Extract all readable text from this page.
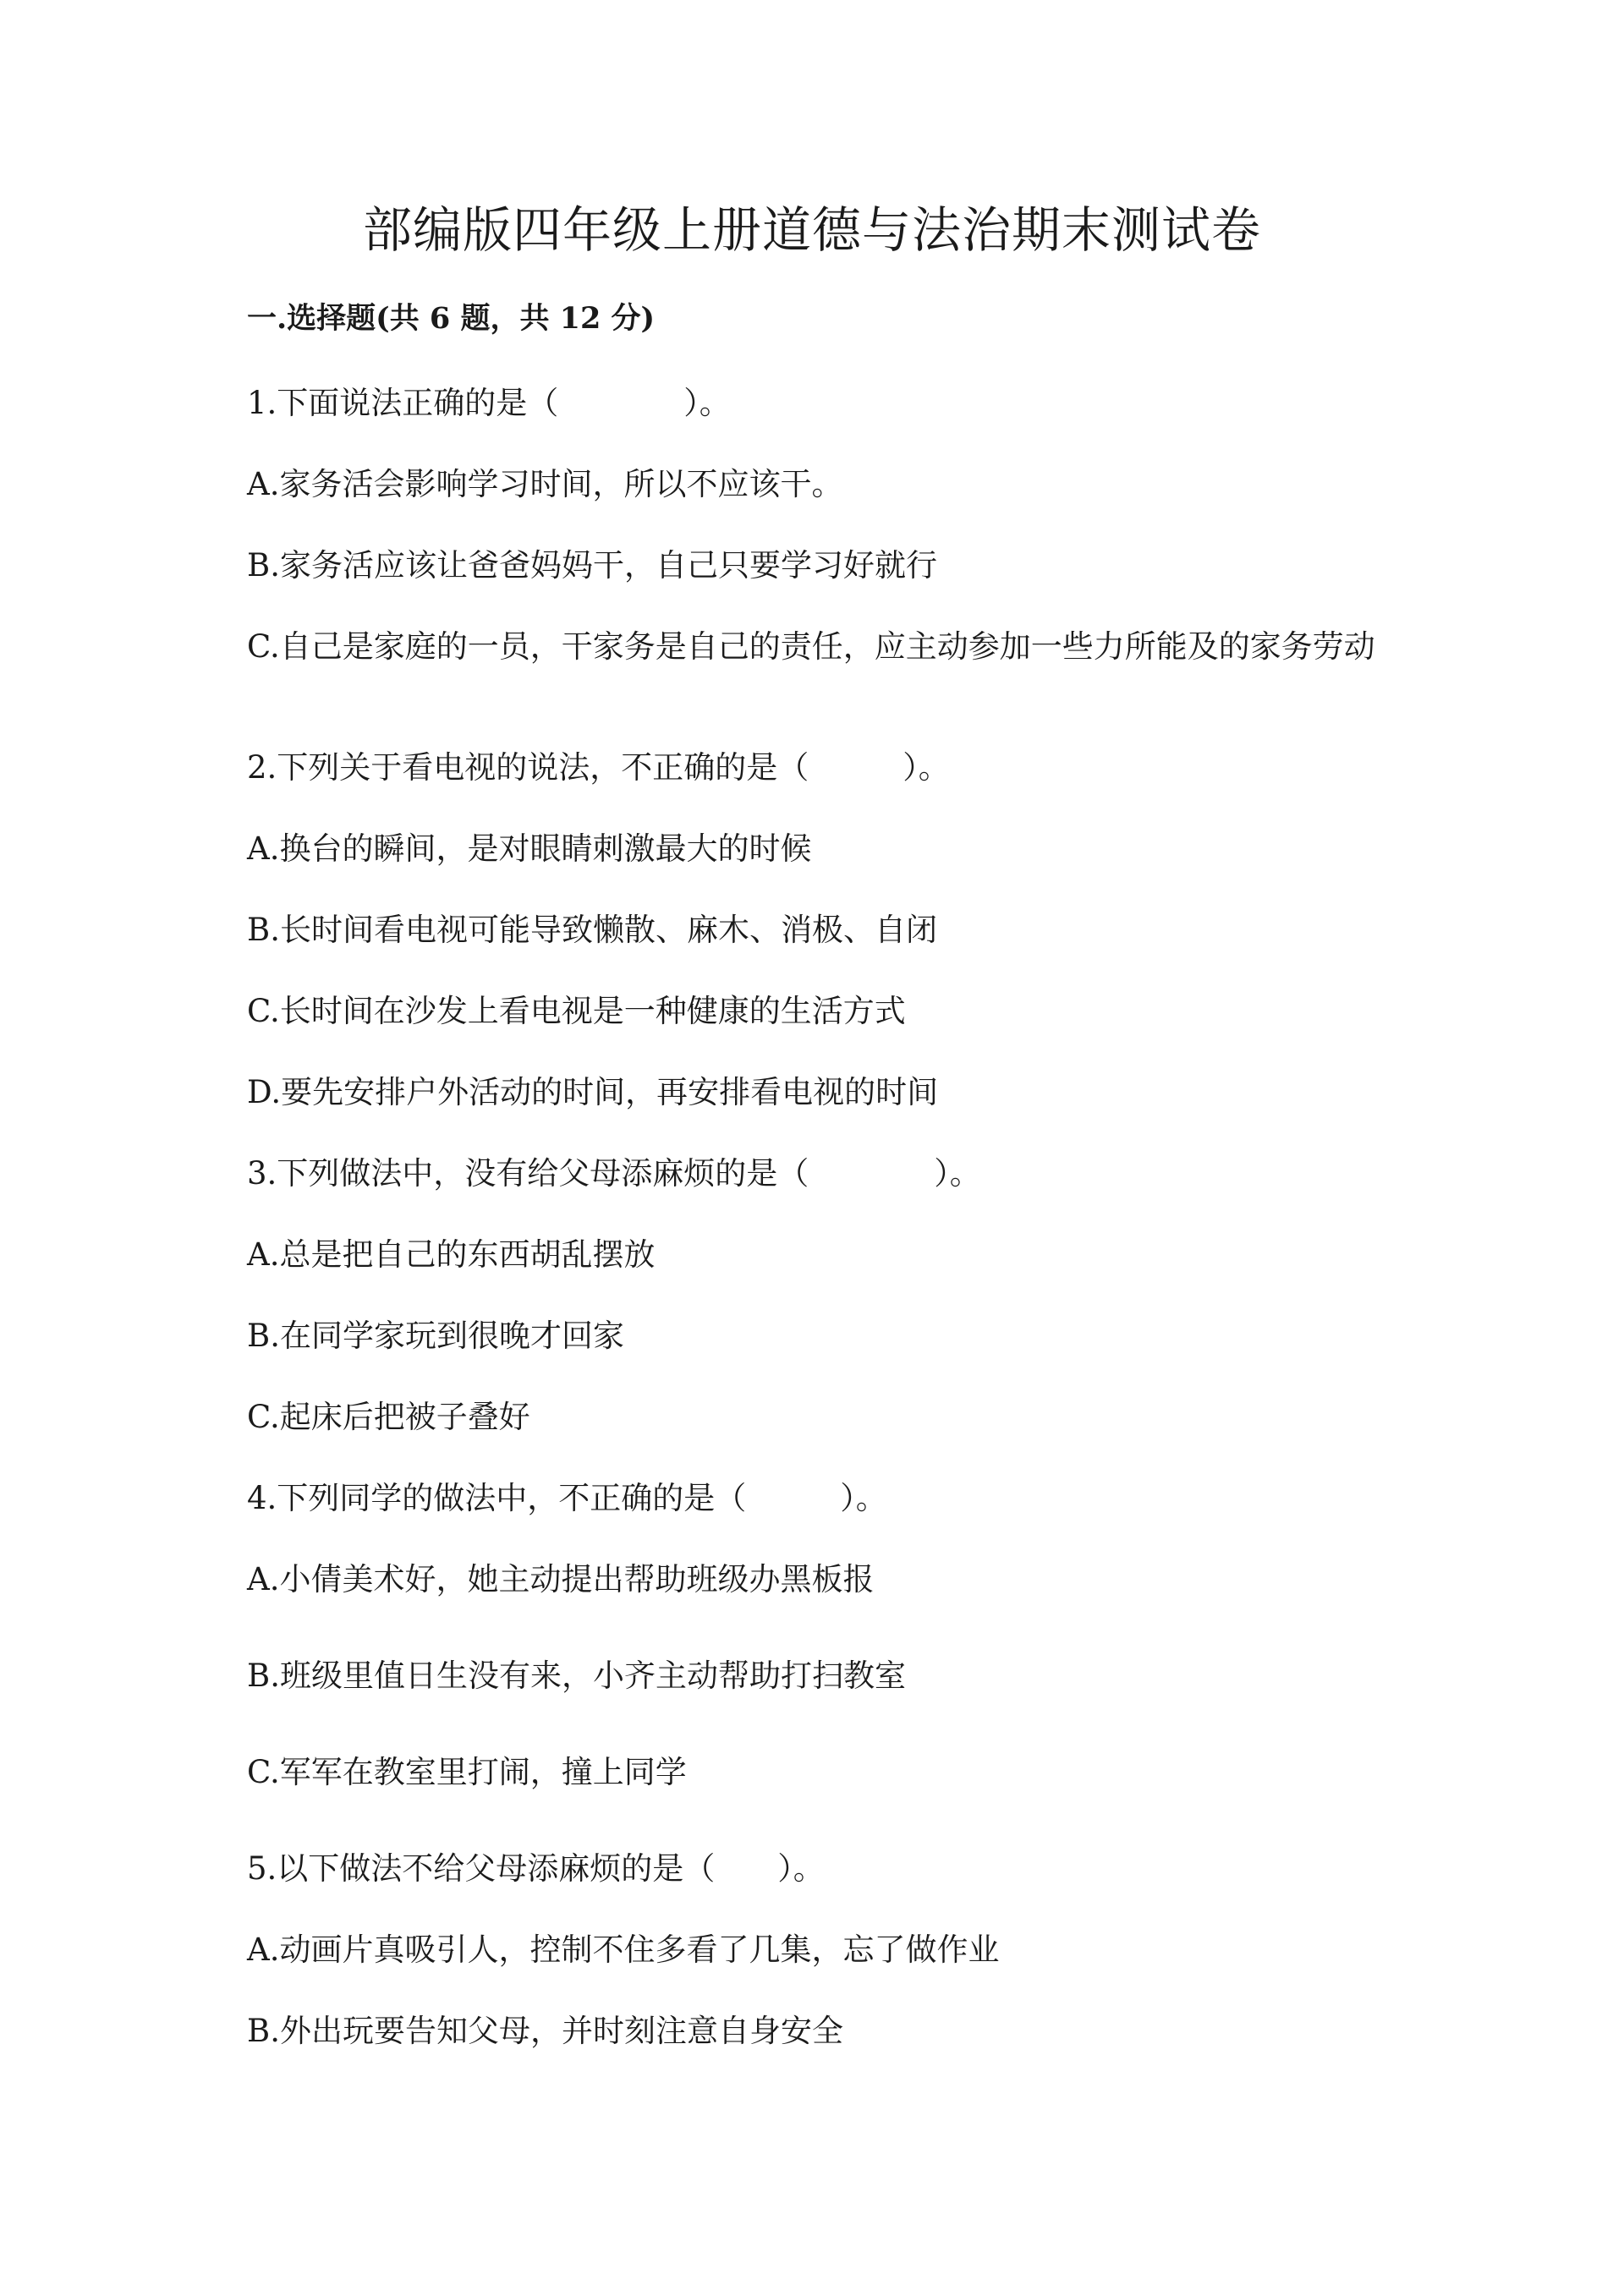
部编版四年级上册道德与法治期末测试卷
一.选择题(共 6 题，共 12 分)
1.下面说法正确的是（　　　　）。
A.家务活会影响学习时间，所以不应该干。
B.家务活应该让爸爸妈妈干，自己只要学习好就行
C.自己是家庭的一员，干家务是自己的责任，应主动参加一些力所能及的家务劳动
2.下列关于看电视的说法，不正确的是（　　　）。
A.换台的瞬间，是对眼睛刺激最大的时候
B.长时间看电视可能导致懒散、麻木、消极、自闭
C.长时间在沙发上看电视是一种健康的生活方式
D.要先安排户外活动的时间，再安排看电视的时间
3.下列做法中，没有给父母添麻烦的是（　　　　）。
A.总是把自己的东西胡乱摆放
B.在同学家玩到很晚才回家
C.起床后把被子叠好
4.下列同学的做法中，不正确的是（　　　）。
A.小倩美术好，她主动提出帮助班级办黑板报
B.班级里值日生没有来，小齐主动帮助打扫教室
C.军军在教室里打闹，撞上同学
5.以下做法不给父母添麻烦的是（　　）。
A.动画片真吸引人，控制不住多看了几集，忘了做作业
B.外出玩要告知父母，并时刻注意自身安全
